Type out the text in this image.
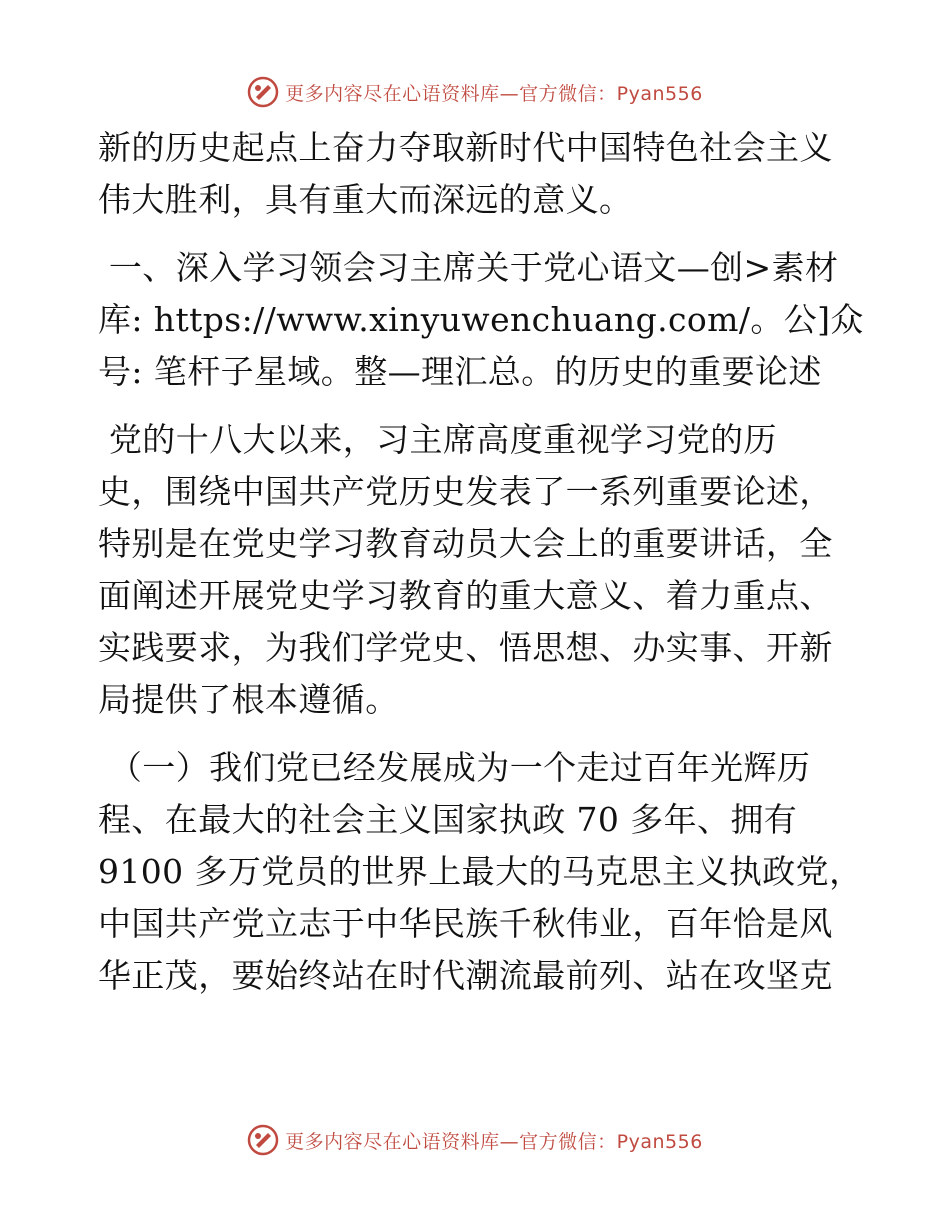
更多内容尽在心语资料库—官方微信：Pyan556
新的历史起点上奋力夺取新时代中国特色社会主义
伟大胜利，具有重大而深远的意义。
一、深入学习领会习主席关于党心语文—创>素材
库: https://www.xinyuwenchuang.com/。公]众
号: 笔杆子星域。整—理汇总。的历史的重要论述
党的十八大以来，习主席高度重视学习党的历
史，围绕中国共产党历史发表了一系列重要论述，
特别是在党史学习教育动员大会上的重要讲话，全
面阐述开展党史学习教育的重大意义、着力重点、
实践要求，为我们学党史、悟思想、办实事、开新
局提供了根本遵循。
（一）我们党已经发展成为一个走过百年光辉历
程、在最大的社会主义国家执政 70 多年、拥有
9100 多万党员的世界上最大的马克思主义执政党，
中国共产党立志于中华民族千秋伟业，百年恰是风
华正茂，要始终站在时代潮流最前列、站在攻坚克
更多内容尽在心语资料库—官方微信：Pyan556
